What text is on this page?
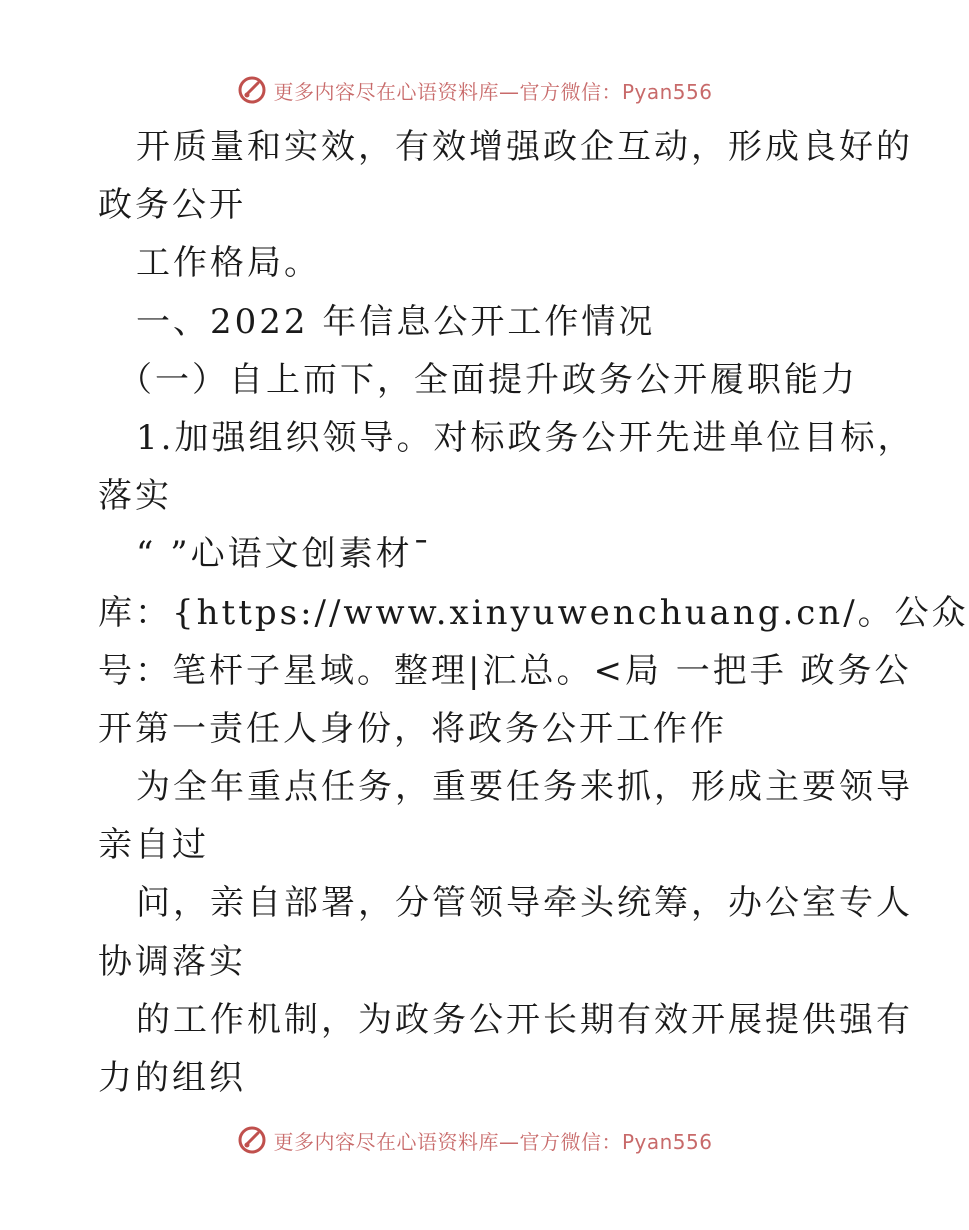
更多内容尽在心语资料库—官方微信：Pyan556
开质量和实效，有效增强政企互动，形成良好的
政务公开
工作格局。
一、2022 年信息公开工作情况
（一）自上而下，全面提升政务公开履职能力
1.加强组织领导。对标政务公开先进单位目标，
落实
“ ”心语文创素材¯
库：{https://www.xinyuwenchuang.cn/。公众
号：笔杆子星域。整理|汇总。<局 一把手 政务公
开第一责任人身份，将政务公开工作作
为全年重点任务，重要任务来抓，形成主要领导
亲自过
问，亲自部署，分管领导牵头统筹，办公室专人
协调落实
的工作机制，为政务公开长期有效开展提供强有
力的组织
更多内容尽在心语资料库—官方微信：Pyan556
